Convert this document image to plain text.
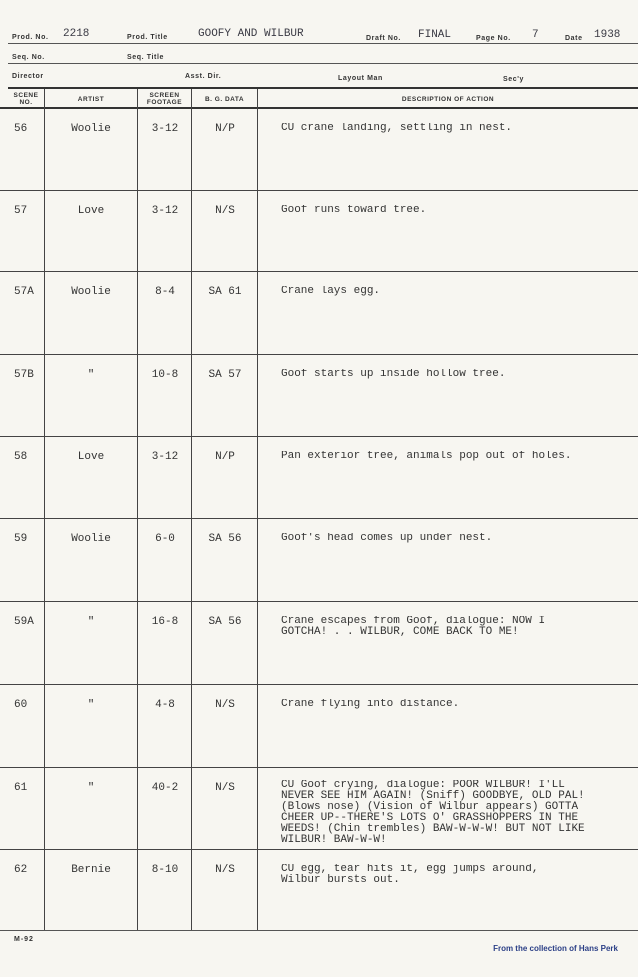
Prod. No. 2218	Prod. Title	GOOFY AND WILBUR	Draft No. FINAL	Page No. 7	Date 1938
Seq. No.	Seq. Title
Director	Asst. Dir.	Layout Man	Sec'y
SCENE NO.	ARTIST	SCREEN FOOTAGE	B. G. DATA	DESCRIPTION OF ACTION
56	Woolie	3-12	N/P	CU crane landing, settling in nest.
57	Love	3-12	N/S	Goof runs toward tree.
57A	Woolie	8-4	SA 61	Crane lays egg.
57B	"	10-8	SA 57	Goof starts up inside hollow tree.
58	Love	3-12	N/P	Pan exterior tree, animals pop out of holes.
59	Woolie	6-0	SA 56	Goof's head comes up under nest.
59A	"	16-8	SA 56	Crane escapes from Goof, dialogue: NOW I GOTCHA! . . WILBUR, COME BACK TO ME!
60	"	4-8	N/S	Crane flying into distance.
61	"	40-2	N/S	CU Goof crying, dialogue: POOR WILBUR! I'LL NEVER SEE HIM AGAIN! (Sniff) GOODBYE, OLD PAL! (Blows nose) (Vision of Wilbur appears) GOTTA CHEER UP--THERE'S LOTS O' GRASSHOPPERS IN THE WEEDS! (Chin trembles) BAW-W-W-W! BUT NOT LIKE WILBUR! BAW-W-W!
62	Bernie	8-10	N/S	CU egg, tear hits it, egg jumps around, Wilbur bursts out.
M-92
From the collection of Hans Perk
